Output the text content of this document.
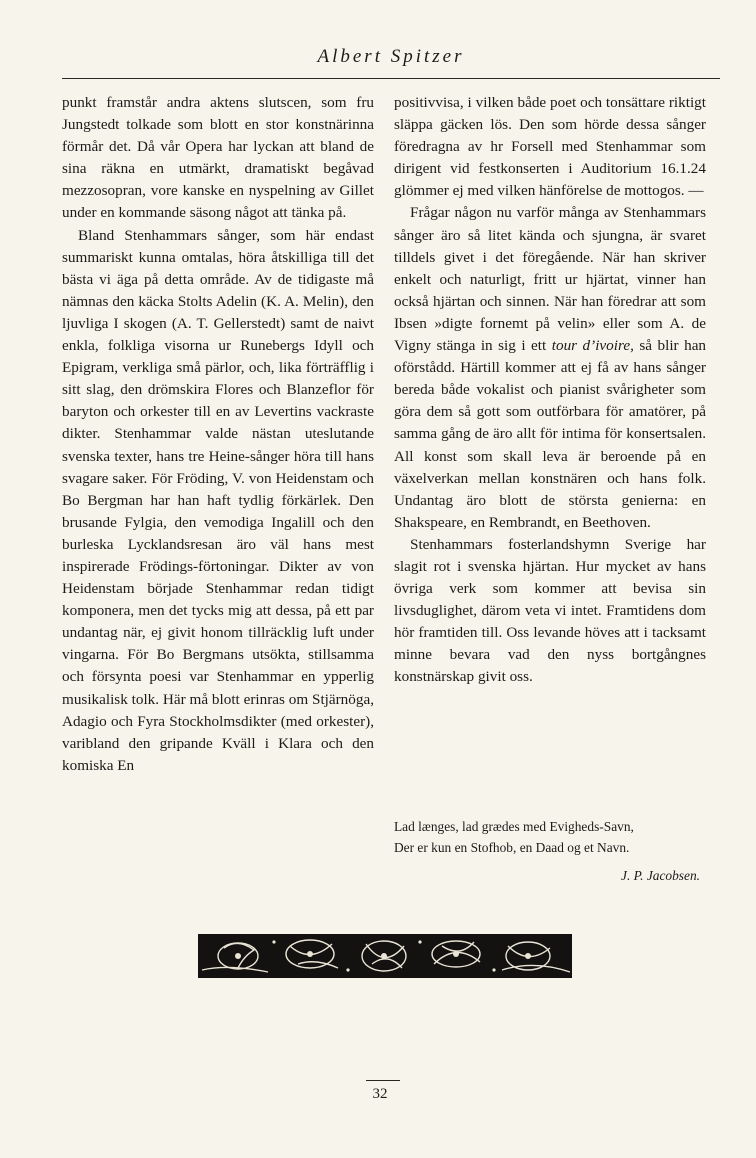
Albert Spitzer

punkt framstår andra aktens slutscen, som fru Jungstedt tolkade som blott en stor konstnärinna förmår det. Då vår Opera har lyckan att bland de sina räkna en utmärkt, dramatiskt begåvad mezzosopran, vore kanske en nyspelning av Gillet under en kommande säsong något att tänka på.

Bland Stenhammars sånger, som här endast summariskt kunna omtalas, höra åtskilliga till det bästa vi äga på detta område. Av de tidigaste må nämnas den käcka Stolts Adelin (K. A. Melin), den ljuvliga I skogen (A. T. Gellerstedt) samt de naivt enkla, folkliga visorna ur Runebergs Idyll och Epigram, verkliga små pärlor, och, lika förträfflig i sitt slag, den drömskira Flores och Blanzeflor för baryton och orkester till en av Levertins vackraste dikter. Stenhammar valde nästan uteslutande svenska texter, hans tre Heine-sånger höra till hans svagare saker. För Fröding, V. von Heidenstam och Bo Bergman har han haft tydlig förkärlek. Den brusande Fylgia, den vemodiga Ingalill och den burleska Lycklandsresan äro väl hans mest inspirerade Frödings-förtoningar. Dikter av von Heidenstam började Stenhammar redan tidigt komponera, men det tycks mig att dessa, på ett par undantag när, ej givit honom tillräcklig luft under vingarna. För Bo Bergmans utsökta, stillsamma och försynta poesi var Stenhammar en ypperlig musikalisk tolk. Här må blott erinras om Stjärnöga, Adagio och Fyra Stockholmsdikter (med orkester), varibland den gripande Kväll i Klara och den komiska En

positivvisa, i vilken både poet och tonsättare riktigt släppa gäcken lös. Den som hörde dessa sånger föredragna av hr Forsell med Stenhammar som dirigent vid festkonserten i Auditorium 16.1.24 glömmer ej med vilken hänförelse de mottogos. —

Frågar någon nu varför många av Stenhammars sånger äro så litet kända och sjungna, är svaret tilldels givet i det föregående. När han skriver enkelt och naturligt, fritt ur hjärtat, vinner han också hjärtan och sinnen. När han föredrar att som Ibsen »digte fornemt på velin» eller som A. de Vigny stänga in sig i ett tour d’ivoire, så blir han oförstådd. Härtill kommer att ej få av hans sånger bereda både vokalist och pianist svårigheter som göra dem så gott som outförbara för amatörer, på samma gång de äro allt för intima för konsertsalen. All konst som skall leva är beroende på en växelverkan mellan konstnären och hans folk. Undantag äro blott de största genierna: en Shakspeare, en Rembrandt, en Beethoven.

Stenhammars fosterlandshymn Sverige har slagit rot i svenska hjärtan. Hur mycket av hans övriga verk som kommer att bevisa sin livsduglighet, därom veta vi intet. Framtidens dom hör framtiden till. Oss levande höves att i tacksamt minne bevara vad den nyss bortgångnes konstnärskap givit oss.

Lad længes, lad grædes med Evigheds-Savn,
Der er kun en Stofhob, en Daad og et Navn.
J. P. Jacobsen.
32
